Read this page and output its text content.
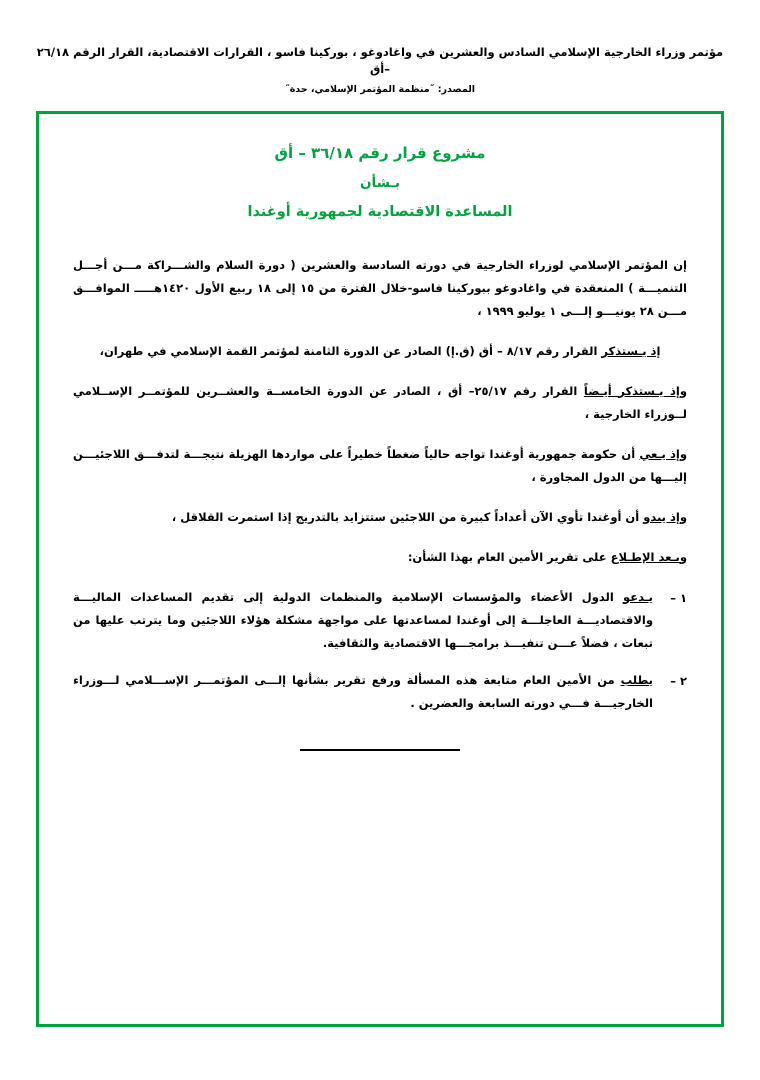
مؤتمر وزراء الخارجية الإسلامي السادس والعشرين في واغادوغو ، بوركينا فاسو ، القرارات الاقتصادية، القرار الرقم ٢٦/١٨ –أق
المصدر: ˝منظمة المؤتمر الإسلامي، جدة˝
مشروع قرار رقم ٣٦/١٨ – أق
بـشأن
المساعدة الاقتصادية لجمهورية أوغندا
إن المؤتمر الإسلامي لوزراء الخارجية في دورته السادسة والعشرين ( دورة السلام والشـــراكة مـــن أجـــل التنميـــة ) المنعقدة في واغادوغو ببوركينا فاسو-خلال الفترة من ١٥ إلى ١٨ ربيع الأول ١٤٢٠هـــــ الموافـــق مـــن ٢٨ يونيـــو إلـــى ١ يوليو ١٩٩٩ ،
إذ يـستذكر القرار رقم ٨/١٧ – أق (ق.إ) الصادر عن الدورة الثامنة لمؤتمر القمة الإسلامي في طهران،
وإذ يـستذكر أيـضاً القرار رقم ٢٥/١٧– أق ، الصادر عن الدورة الخامســة والعشــرين للمؤتمــر الإســلامي لــوزراء الخارجية ،
وإذ يـعي أن حكومة جمهورية أوغندا تواجه حالياً ضغطاً خطيراً على مواردها الهزيلة نتيجـــة لتدفـــق اللاجئيـــن إليـــها من الدول المجاورة ،
وإذ يبدو أن أوغندا تأوي الآن أعداداً كبيرة من اللاجئين ستتزايد بالتدريج إذا استمرت القلاقل ،
وبـعد الإطـلاع على تقرير الأمين العام بهذا الشأن:
١ –
يـدعو الدول الأعضاء والمؤسسات الإسلامية والمنظمات الدولية إلى تقديم المساعدات الماليـــة والاقتصاديـــة العاجلـــة إلى أوغندا لمساعدتها على مواجهة مشكلة هؤلاء اللاجئين وما يترتب عليها من تبعات ، فضلاً عـــن تنفيـــذ برامجـــها الاقتصادية والثقافية.
٢ –
يطلب من الأمين العام متابعة هذه المسألة ورفع تقرير بشأنها إلـــى المؤتمـــر الإســـلامي لـــوزراء الخارجيـــة فـــي دورته السابعة والعضرين .
